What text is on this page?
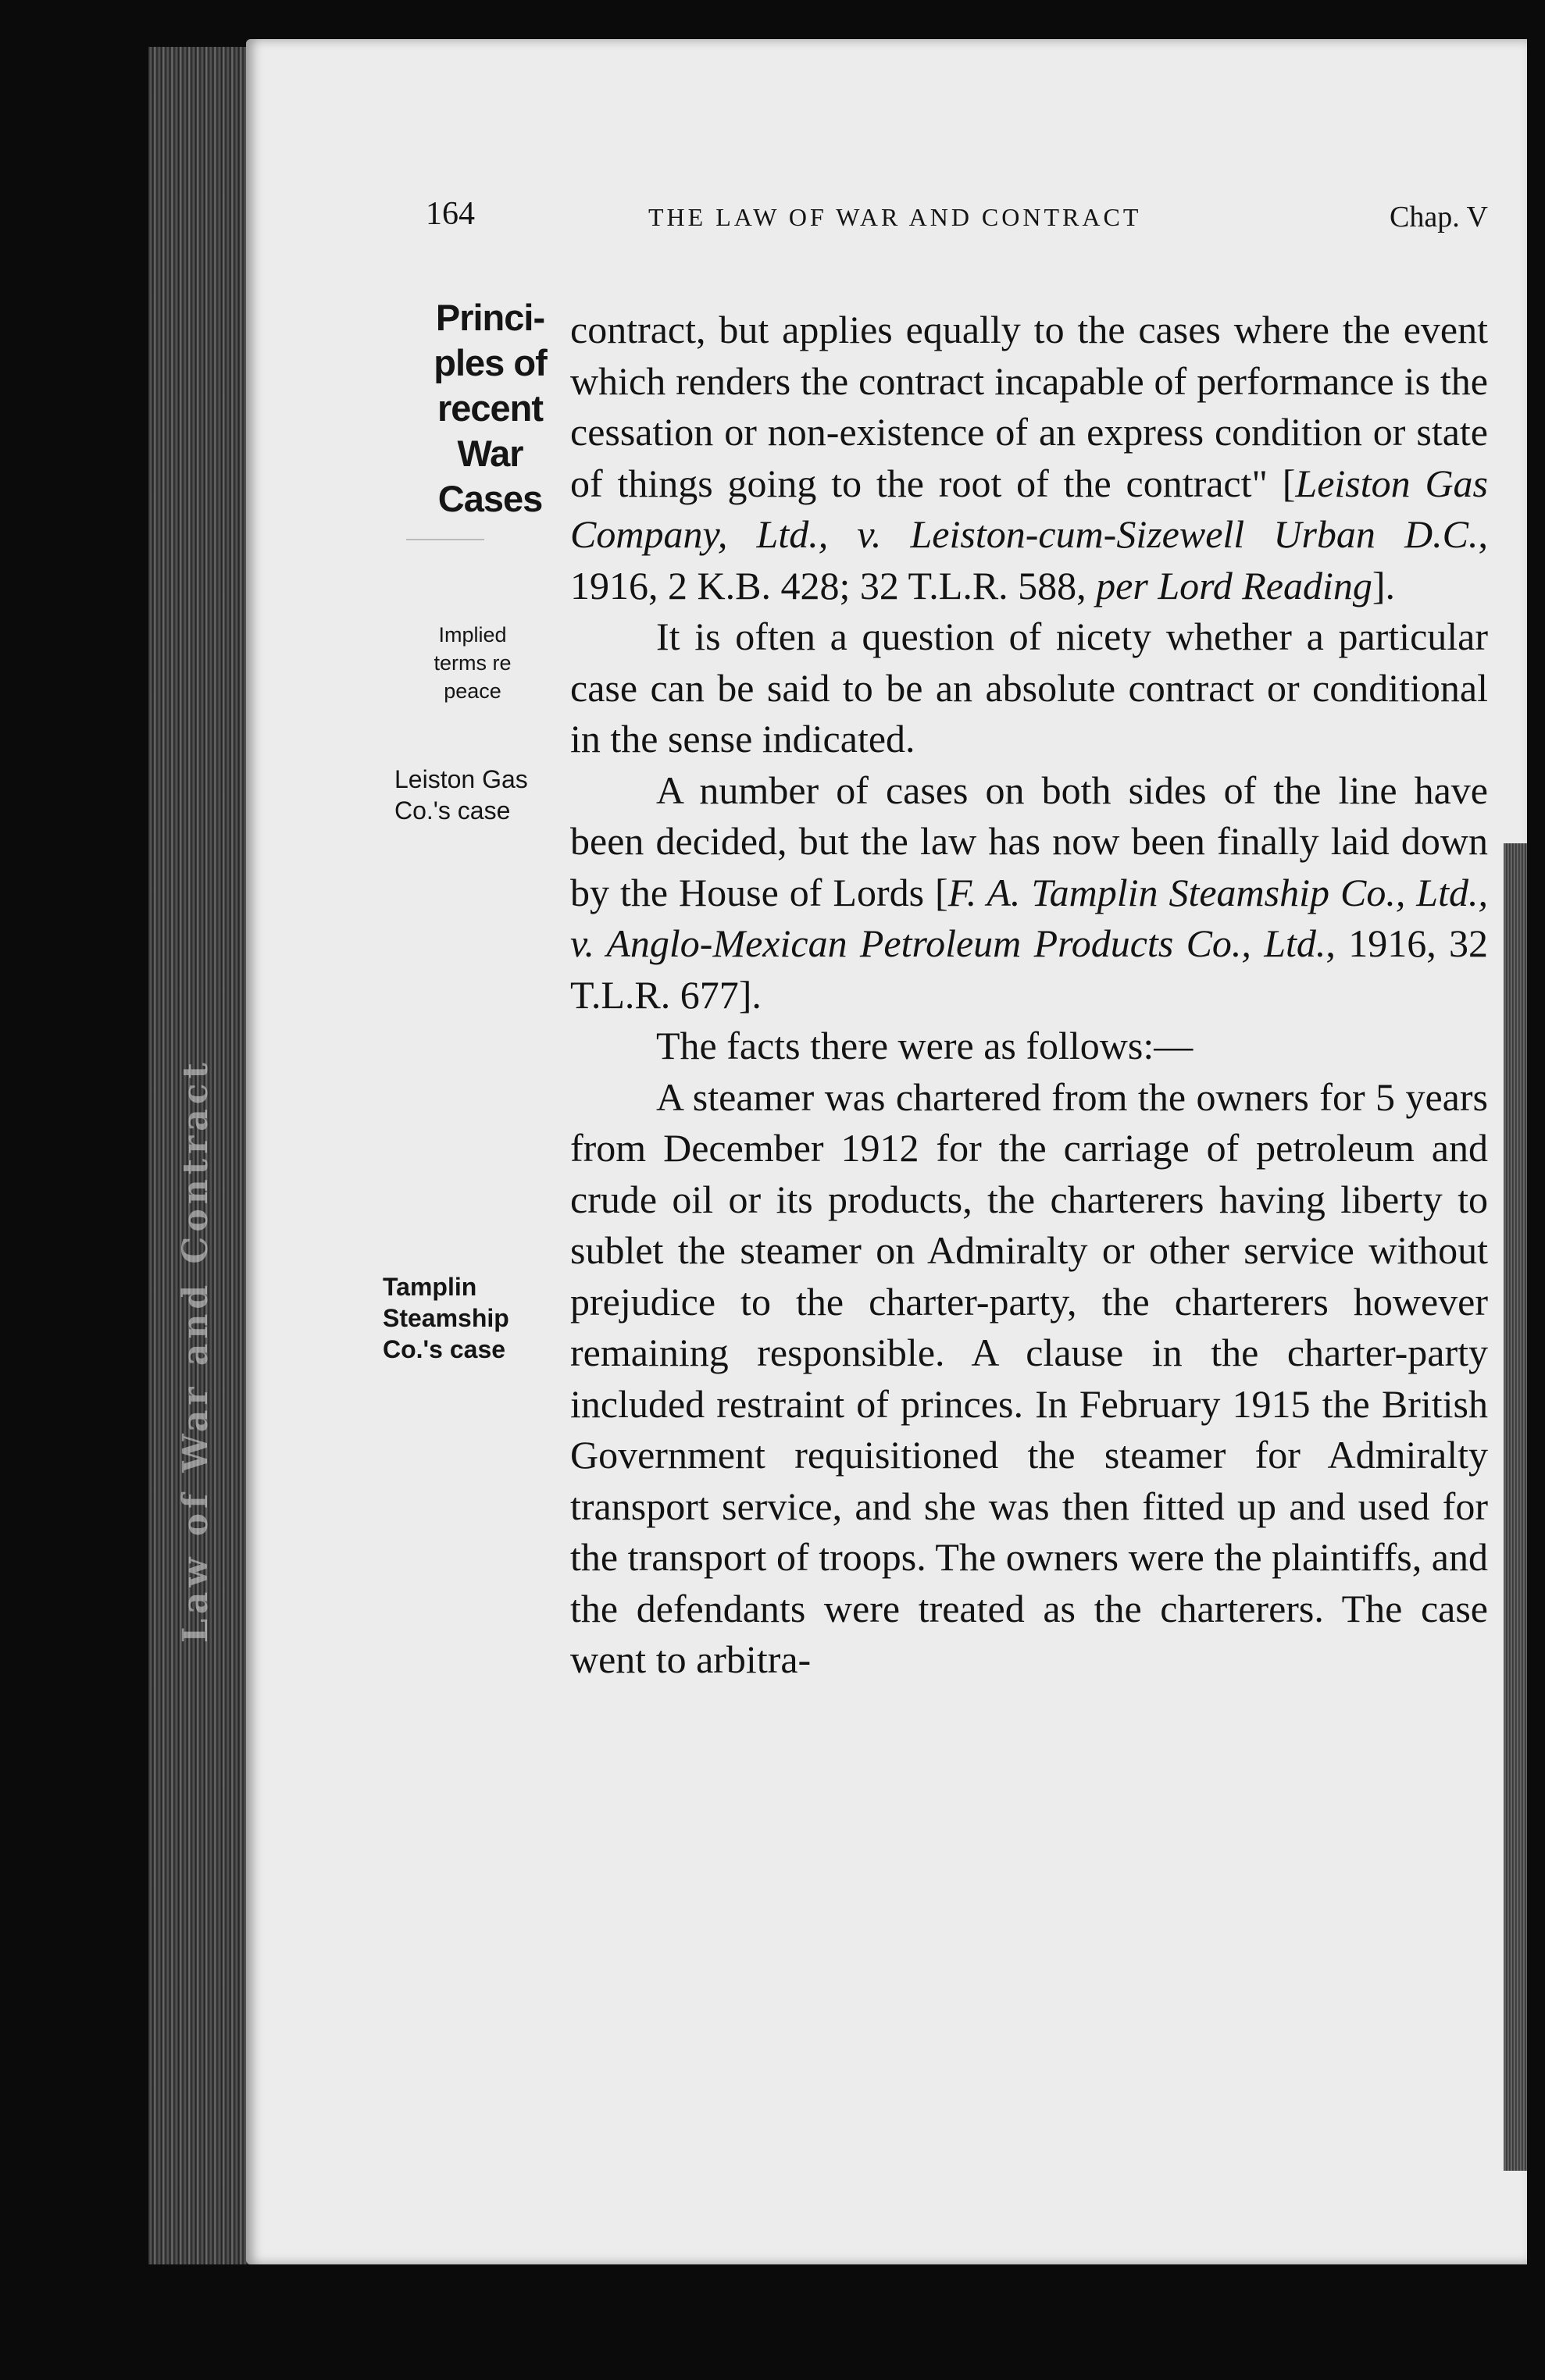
Law of War and Contract
164	THE LAW OF WAR AND CONTRACT	Chap. V
Princi-
ples of
recent
War
Cases
Implied
terms re
peace
Leiston Gas
Co.'s case
Tamplin
Steamship
Co.'s case

contract, but applies equally to the cases where the event which renders the contract incapable of performance is the cessation or non-existence of an express condition or state of things going to the root of the contract" [Leiston Gas Company, Ltd., v. Leiston-cum-Sizewell Urban D.C., 1916, 2 K.B. 428; 32 T.L.R. 588, per Lord Reading].

It is often a question of nicety whether a particular case can be said to be an absolute contract or conditional in the sense indicated.

A number of cases on both sides of the line have been decided, but the law has now been finally laid down by the House of Lords [F. A. Tamplin Steamship Co., Ltd., v. Anglo-Mexican Petroleum Products Co., Ltd., 1916, 32 T.L.R. 677].

The facts there were as follows:—

A steamer was chartered from the owners for 5 years from December 1912 for the carriage of petroleum and crude oil or its products, the charterers having liberty to sublet the steamer on Admiralty or other service without prejudice to the charter-party, the charterers however remaining responsible. A clause in the charter-party included restraint of princes. In February 1915 the British Government requisitioned the steamer for Admiralty transport service, and she was then fitted up and used for the transport of troops. The owners were the plaintiffs, and the defendants were treated as the charterers. The case went to arbitra-
